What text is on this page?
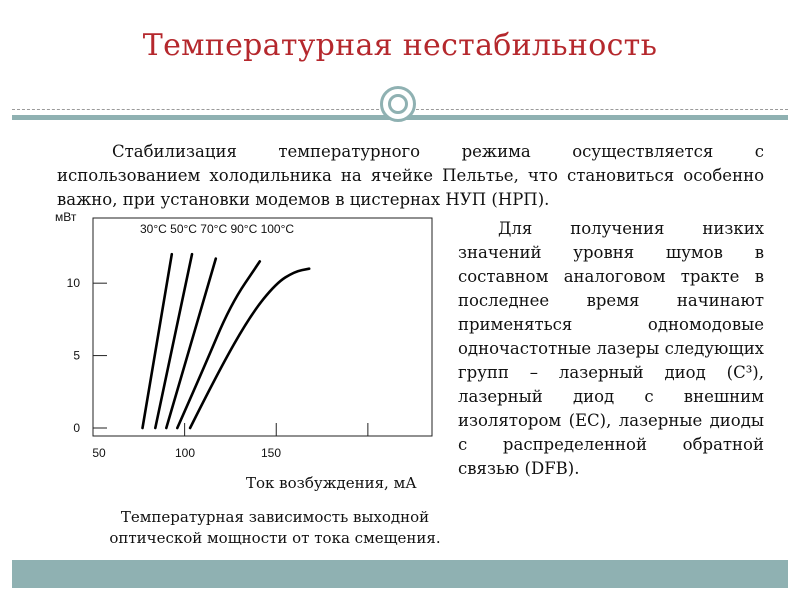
Температурная нестабильность
Стабилизация температурного режима осуществляется с использованием холодильника на ячейке Пельтье, что становиться особенно важно, при установки модемов в цистернах НУП (НРП).
мВт
30°С 50°С 70°С 90°С 100°С
0
5
10
50	100	150
Ток возбуждения, мА
Температурная зависимость выходной оптической мощности от тока смещения.
Для получения низких значений уровня шумов в составном аналоговом тракте в последнее время начинают применяться одномодовые одночастотные лазеры следующих групп – лазерный диод (C³), лазерный диод с внешним изолятором (ЕС), лазерные диоды с распределенной обратной связью (DFB).
